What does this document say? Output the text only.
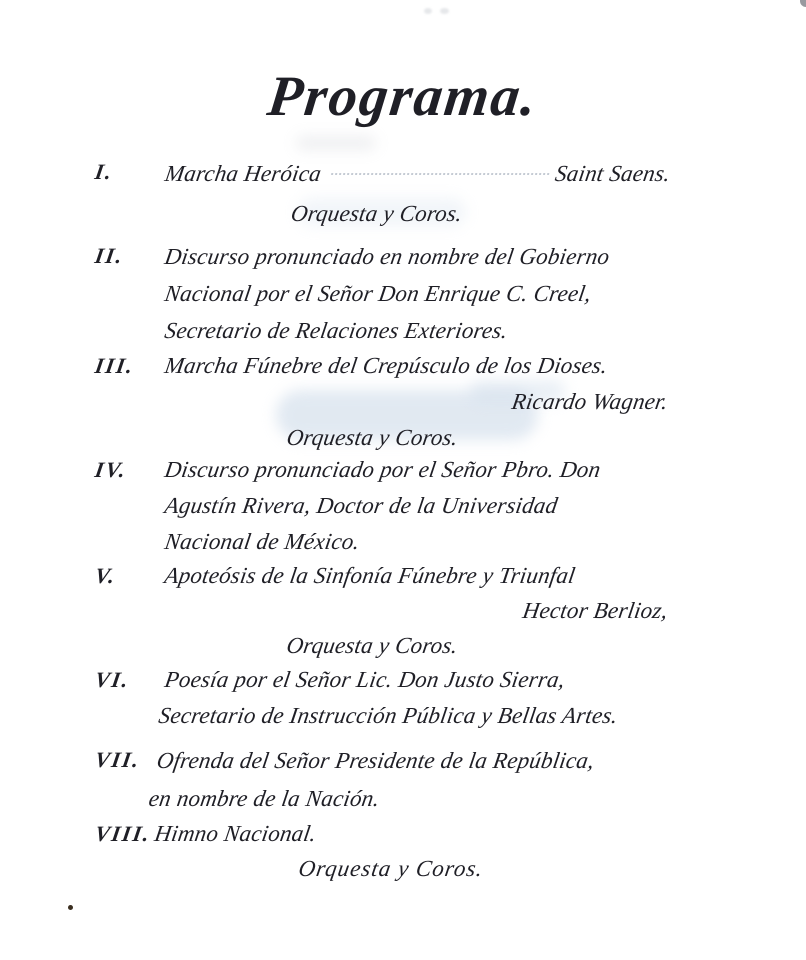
Programa.
I. Marcha Heróica	Saint Saens.
Orquesta y Coros.
II. Discurso pronunciado en nombre del Gobierno
Nacional por el Señor Don Enrique C. Creel,
Secretario de Relaciones Exteriores.
III. Marcha Fúnebre del Crepúsculo de los Dioses.
Ricardo Wagner.
Orquesta y Coros.
IV. Discurso pronunciado por el Señor Pbro. Don
Agustín Rivera, Doctor de la Universidad
Nacional de México.
V. Apoteósis de la Sinfonía Fúnebre y Triunfal
Hector Berlioz,
Orquesta y Coros.
VI. Poesía por el Señor Lic. Don Justo Sierra,
Secretario de Instrucción Pública y Bellas Artes.
VII. Ofrenda del Señor Presidente de la República,
en nombre de la Nación.
VIII. Himno Nacional.
Orquesta y Coros.
